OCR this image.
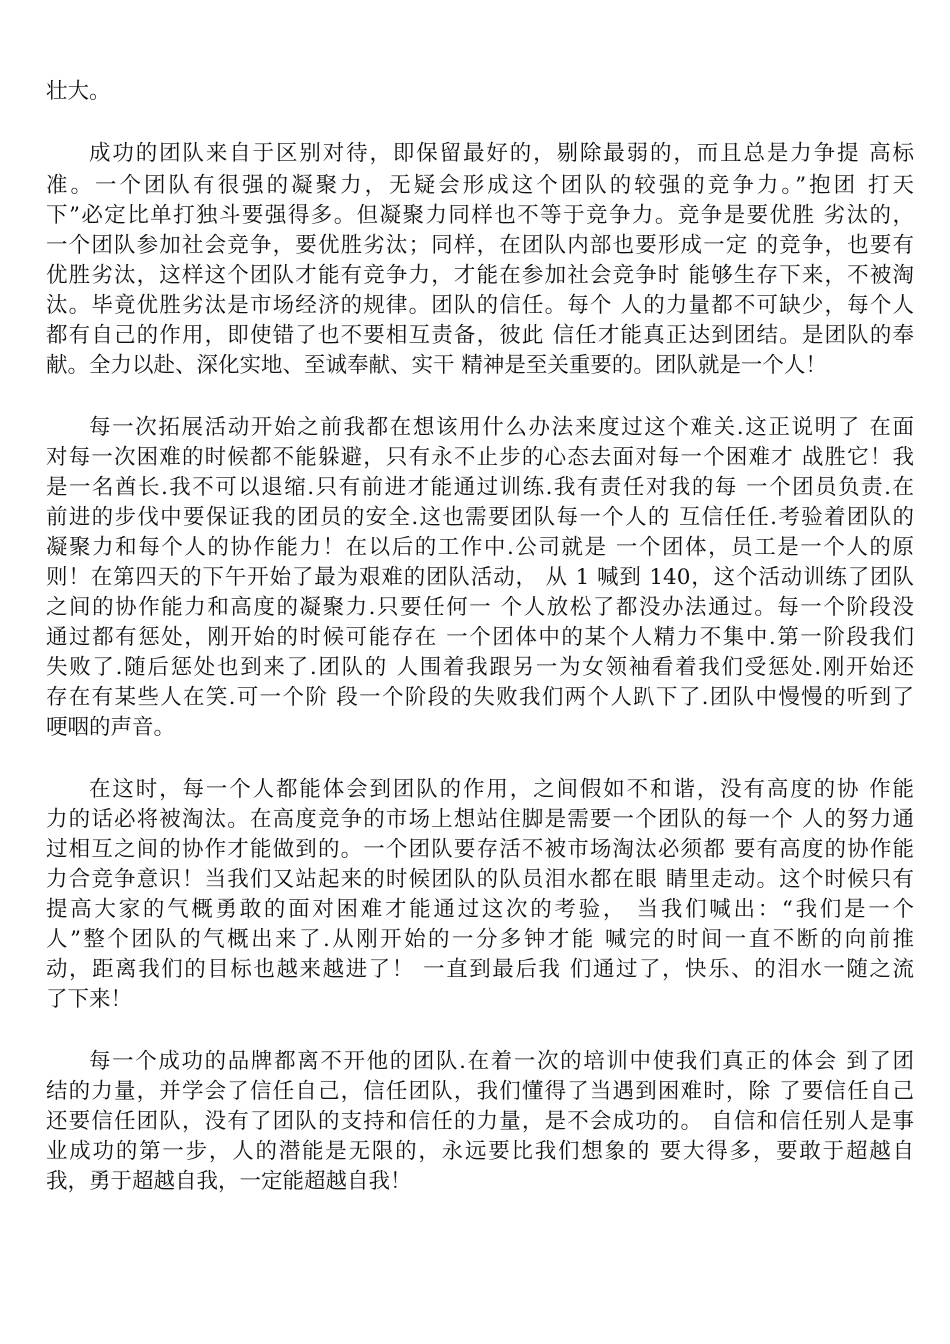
壮大。
成功的团队来自于区别对待，即保留最好的，剔除最弱的，而且总是力争提 高标
准。一个团队有很强的凝聚力，无疑会形成这个团队的较强的竞争力。”抱团 打天
下”必定比单打独斗要强得多。但凝聚力同样也不等于竞争力。竞争是要优胜 劣汰的，
一个团队参加社会竞争，要优胜劣汰；同样，在团队内部也要形成一定 的竞争，也要有
优胜劣汰，这样这个团队才能有竞争力，才能在参加社会竞争时 能够生存下来，不被淘
汰。毕竟优胜劣汰是市场经济的规律。团队的信任。每个 人的力量都不可缺少，每个人
都有自己的作用，即使错了也不要相互责备，彼此 信任才能真正达到团结。是团队的奉
献。全力以赴、深化实地、至诚奉献、实干 精神是至关重要的。团队就是一个人！
每一次拓展活动开始之前我都在想该用什么办法来度过这个难关.这正说明了 在面
对每一次困难的时候都不能躲避，只有永不止步的心态去面对每一个困难才 战胜它！我
是一名酋长.我不可以退缩.只有前进才能通过训练.我有责任对我的每 一个团员负责.在
前进的步伐中要保证我的团员的安全.这也需要团队每一个人的 互信任任.考验着团队的
凝聚力和每个人的协作能力！在以后的工作中.公司就是 一个团体，员工是一个人的原
则！在第四天的下午开始了最为艰难的团队活动， 从 1 喊到 140，这个活动训练了团队
之间的协作能力和高度的凝聚力.只要任何一 个人放松了都没办法通过。每一个阶段没
通过都有惩处，刚开始的时候可能存在 一个团体中的某个人精力不集中.第一阶段我们
失败了.随后惩处也到来了.团队的 人围着我跟另一为女领袖看着我们受惩处.刚开始还
存在有某些人在笑.可一个阶 段一个阶段的失败我们两个人趴下了.团队中慢慢的听到了
哽咽的声音。
在这时，每一个人都能体会到团队的作用，之间假如不和谐，没有高度的协 作能
力的话必将被淘汰。在高度竞争的市场上想站住脚是需要一个团队的每一个 人的努力通
过相互之间的协作才能做到的。一个团队要存活不被市场淘汰必须都 要有高度的协作能
力合竞争意识！当我们又站起来的时候团队的队员泪水都在眼 睛里走动。这个时候只有
提高大家的气概勇敢的面对困难才能通过这次的考验， 当我们喊出：“我们是一个
人”整个团队的气概出来了.从刚开始的一分多钟才能 喊完的时间一直不断的向前推
动，距离我们的目标也越来越进了！ 一直到最后我 们通过了，快乐、的泪水一随之流
了下来！
每一个成功的品牌都离不开他的团队.在着一次的培训中使我们真正的体会 到了团
结的力量，并学会了信任自己，信任团队，我们懂得了当遇到困难时，除 了要信任自己
还要信任团队，没有了团队的支持和信任的力量，是不会成功的。 自信和信任别人是事
业成功的第一步，人的潜能是无限的，永远要比我们想象的 要大得多，要敢于超越自
我，勇于超越自我，一定能超越自我！
